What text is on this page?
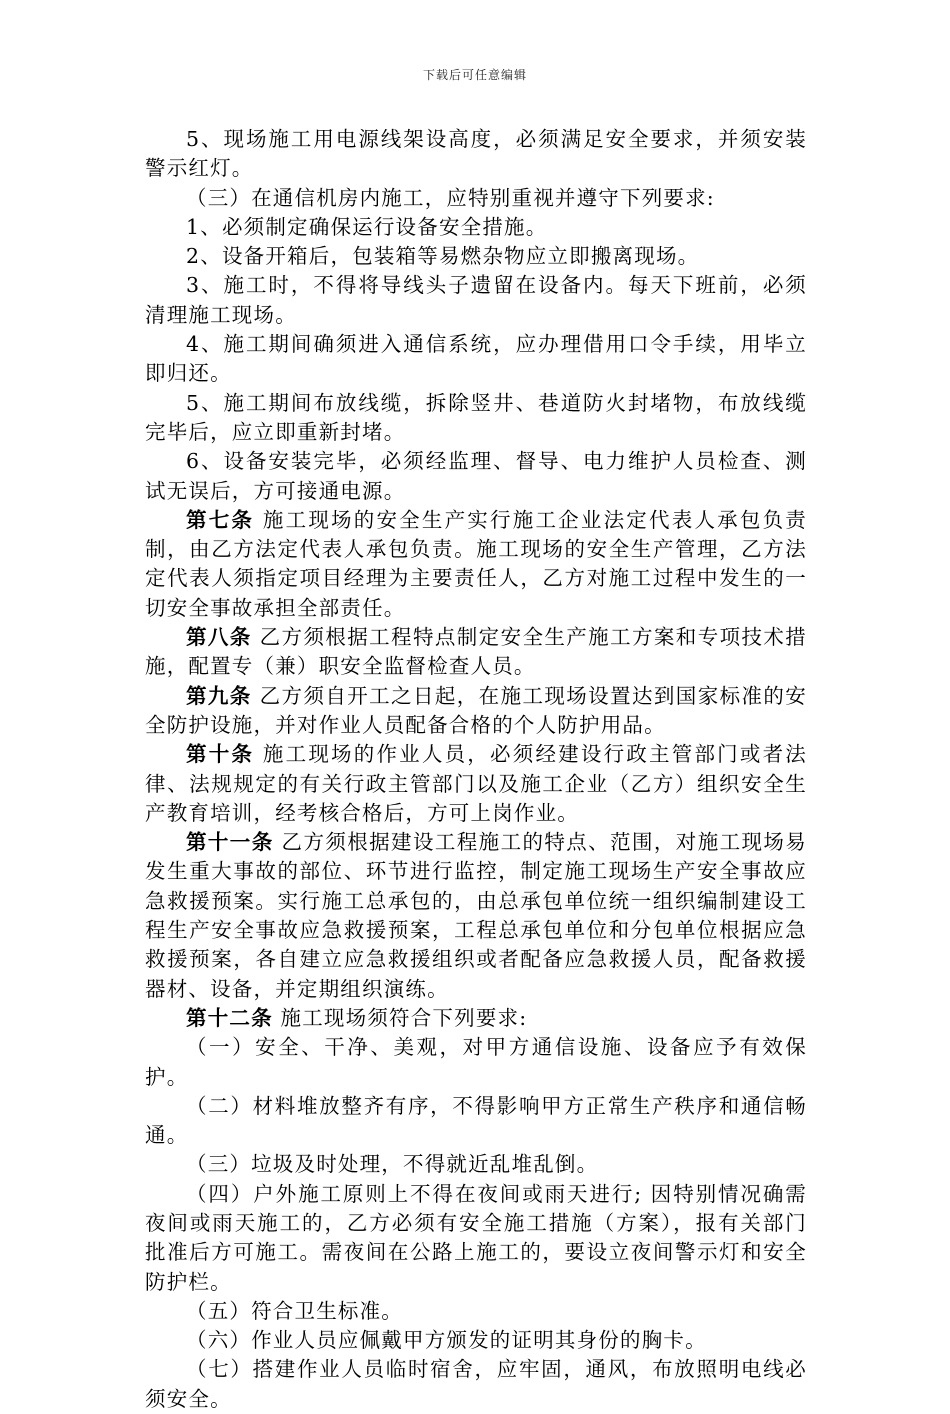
下载后可任意编辑

5、现场施工用电源线架设高度，必须满足安全要求，并须安装警示红灯。

（三）在通信机房内施工，应特别重视并遵守下列要求:

1、必须制定确保运行设备安全措施。

2、设备开箱后，包装箱等易燃杂物应立即搬离现场。

3、施工时，不得将导线头子遗留在设备内。每天下班前，必须清理施工现场。

4、施工期间确须进入通信系统，应办理借用口令手续，用毕立即归还。

5、施工期间布放线缆，拆除竖井、巷道防火封堵物，布放线缆完毕后，应立即重新封堵。

6、设备安装完毕，必须经监理、督导、电力维护人员检查、测试无误后，方可接通电源。

第七条 施工现场的安全生产实行施工企业法定代表人承包负责制，由乙方法定代表人承包负责。施工现场的安全生产管理，乙方法定代表人须指定项目经理为主要责任人，乙方对施工过程中发生的一切安全事故承担全部责任。

第八条 乙方须根据工程特点制定安全生产施工方案和专项技术措施，配置专（兼）职安全监督检查人员。

第九条 乙方须自开工之日起，在施工现场设置达到国家标准的安全防护设施，并对作业人员配备合格的个人防护用品。

第十条 施工现场的作业人员，必须经建设行政主管部门或者法律、法规规定的有关行政主管部门以及施工企业（乙方）组织安全生产教育培训，经考核合格后，方可上岗作业。

第十一条 乙方须根据建设工程施工的特点、范围，对施工现场易发生重大事故的部位、环节进行监控，制定施工现场生产安全事故应急救援预案。实行施工总承包的，由总承包单位统一组织编制建设工程生产安全事故应急救援预案，工程总承包单位和分包单位根据应急救援预案，各自建立应急救援组织或者配备应急救援人员，配备救援器材、设备，并定期组织演练。

第十二条 施工现场须符合下列要求:

（一）安全、干净、美观，对甲方通信设施、设备应予有效保护。

（二）材料堆放整齐有序，不得影响甲方正常生产秩序和通信畅通。

（三）垃圾及时处理，不得就近乱堆乱倒。

（四）户外施工原则上不得在夜间或雨天进行; 因特别情况确需夜间或雨天施工的，乙方必须有安全施工措施（方案），报有关部门批准后方可施工。需夜间在公路上施工的，要设立夜间警示灯和安全防护栏。

（五）符合卫生标准。

（六）作业人员应佩戴甲方颁发的证明其身份的胸卡。

（七）搭建作业人员临时宿舍，应牢固，通风，布放照明电线必须安全。
